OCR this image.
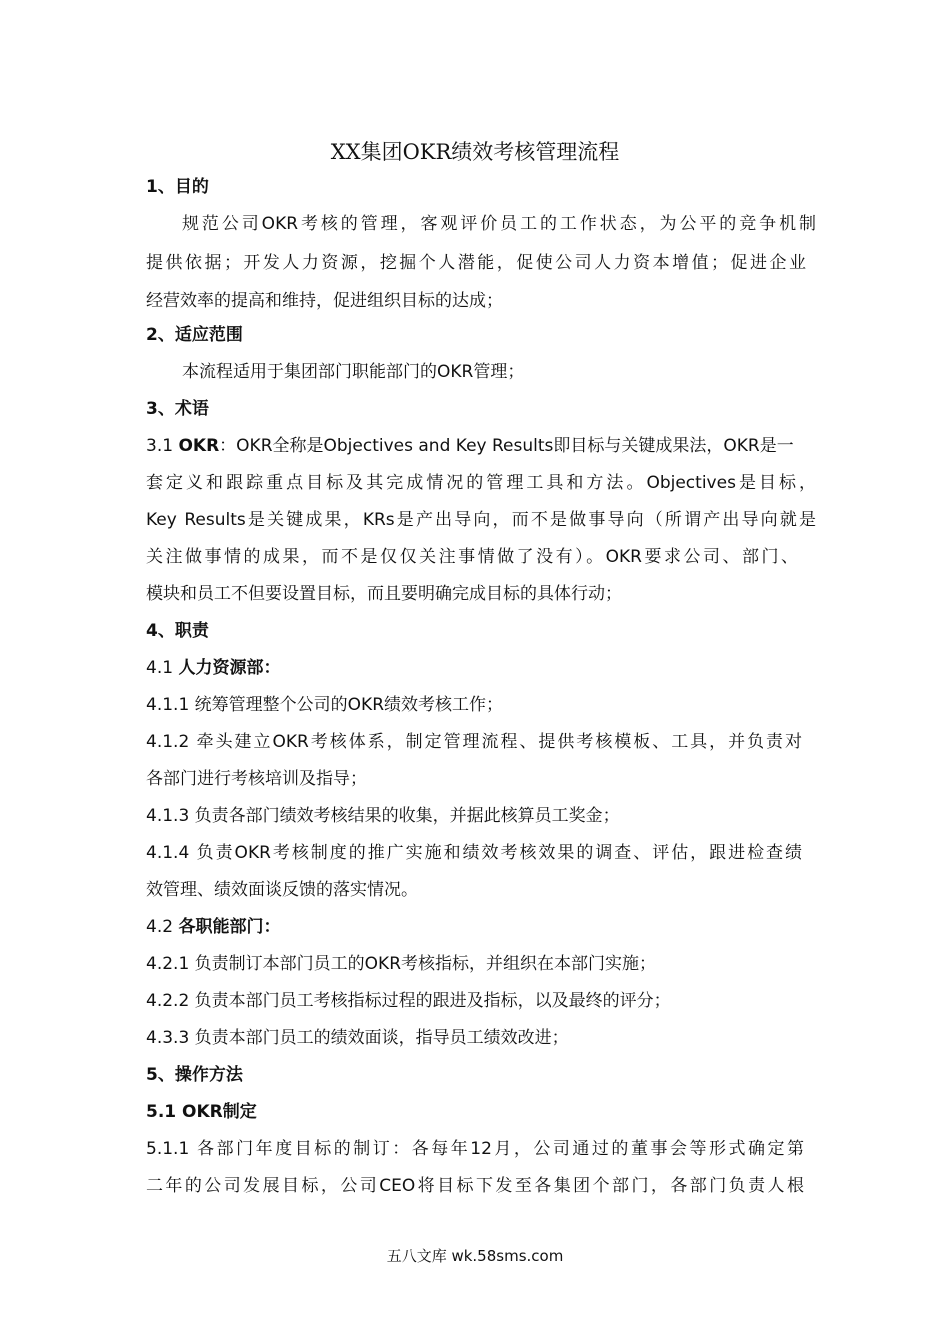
XX集团OKR绩效考核管理流程
1、目的
规范公司OKR考核的管理，客观评价员工的工作状态，为公平的竞争机制
提供依据；开发人力资源，挖掘个人潜能，促使公司人力资本增值；促进企业
经营效率的提高和维持，促进组织目标的达成；
2、适应范围
本流程适用于集团部门职能部门的OKR管理；
3、术语
3.1 OKR：OKR全称是Objectives and Key Results即目标与关键成果法，OKR是一
套定义和跟踪重点目标及其完成情况的管理工具和方法。Objectives是目标，
Key Results是关键成果，KRs是产出导向，而不是做事导向（所谓产出导向就是
关注做事情的成果，而不是仅仅关注事情做了没有）。OKR要求公司、部门、
模块和员工不但要设置目标，而且要明确完成目标的具体行动；
4、职责
4.1 人力资源部：
4.1.1 统筹管理整个公司的OKR绩效考核工作；
4.1.2 牵头建立OKR考核体系，制定管理流程、提供考核模板、工具，并负责对
各部门进行考核培训及指导；
4.1.3 负责各部门绩效考核结果的收集，并据此核算员工奖金；
4.1.4 负责OKR考核制度的推广实施和绩效考核效果的调查、评估，跟进检查绩
效管理、绩效面谈反馈的落实情况。
4.2 各职能部门：
4.2.1 负责制订本部门员工的OKR考核指标，并组织在本部门实施；
4.2.2 负责本部门员工考核指标过程的跟进及指标，以及最终的评分；
4.3.3 负责本部门员工的绩效面谈，指导员工绩效改进；
5、操作方法
5.1 OKR制定
5.1.1 各部门年度目标的制订：各每年12月，公司通过的董事会等形式确定第
二年的公司发展目标，公司CEO将目标下发至各集团个部门，各部门负责人根
五八文库 wk.58sms.com
